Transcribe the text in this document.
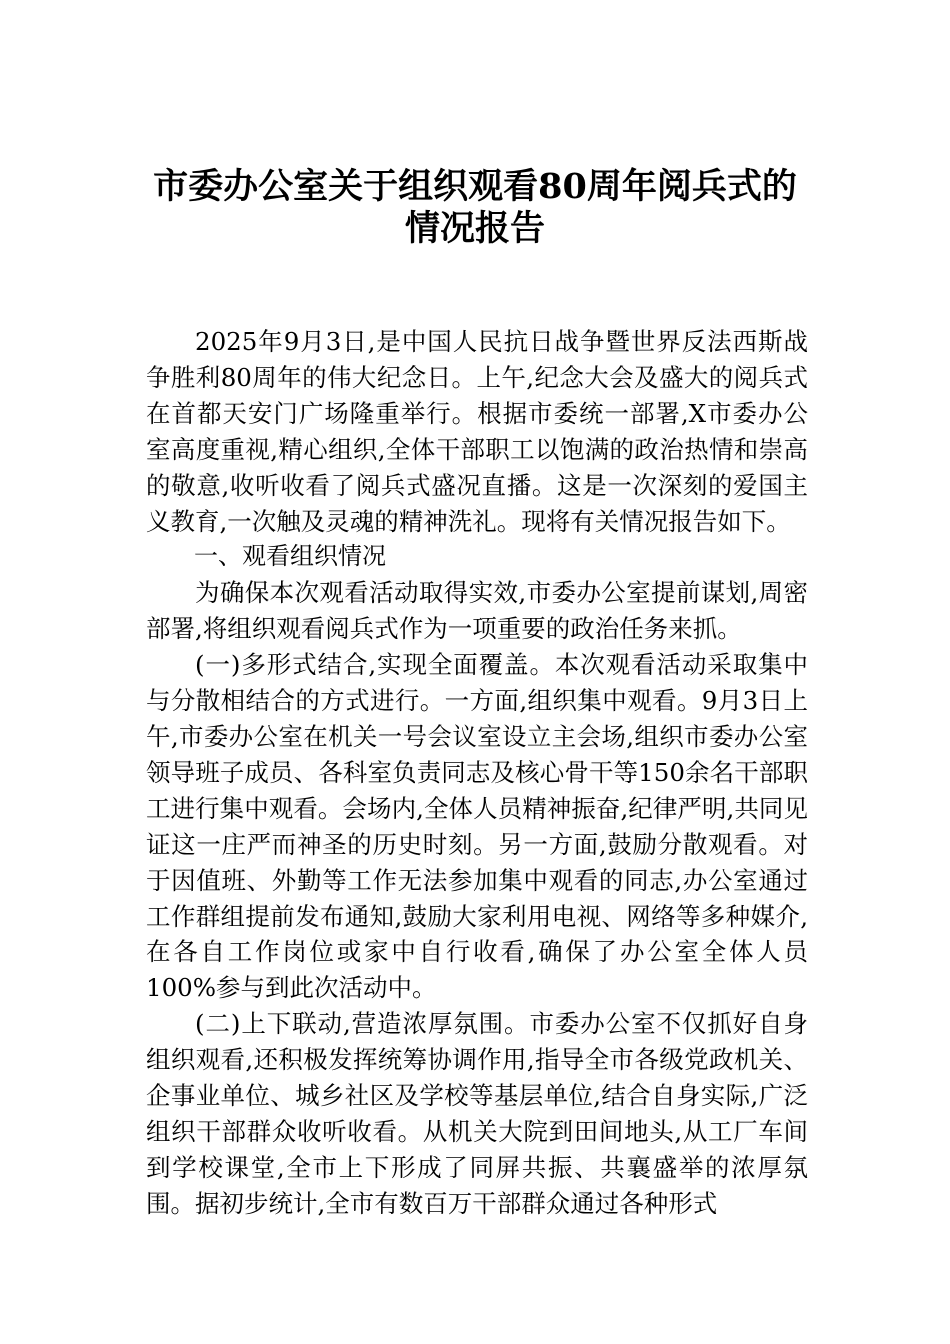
市委办公室关于组织观看80周年阅兵式的
情况报告

2025年9月3日,是中国人民抗日战争暨世界反法西斯战争胜利80周年的伟大纪念日。上午,纪念大会及盛大的阅兵式在首都天安门广场隆重举行。根据市委统一部署,X市委办公室高度重视,精心组织,全体干部职工以饱满的政治热情和崇高的敬意,收听收看了阅兵式盛况直播。这是一次深刻的爱国主义教育,一次触及灵魂的精神洗礼。现将有关情况报告如下。

一、观看组织情况

为确保本次观看活动取得实效,市委办公室提前谋划,周密部署,将组织观看阅兵式作为一项重要的政治任务来抓。

(一)多形式结合,实现全面覆盖。本次观看活动采取集中与分散相结合的方式进行。一方面,组织集中观看。9月3日上午,市委办公室在机关一号会议室设立主会场,组织市委办公室领导班子成员、各科室负责同志及核心骨干等150余名干部职工进行集中观看。会场内,全体人员精神振奋,纪律严明,共同见证这一庄严而神圣的历史时刻。另一方面,鼓励分散观看。对于因值班、外勤等工作无法参加集中观看的同志,办公室通过工作群组提前发布通知,鼓励大家利用电视、网络等多种媒介,在各自工作岗位或家中自行收看,确保了办公室全体人员100%参与到此次活动中。

(二)上下联动,营造浓厚氛围。市委办公室不仅抓好自身组织观看,还积极发挥统筹协调作用,指导全市各级党政机关、企事业单位、城乡社区及学校等基层单位,结合自身实际,广泛组织干部群众收听收看。从机关大院到田间地头,从工厂车间到学校课堂,全市上下形成了同屏共振、共襄盛举的浓厚氛围。据初步统计,全市有数百万干部群众通过各种形式
